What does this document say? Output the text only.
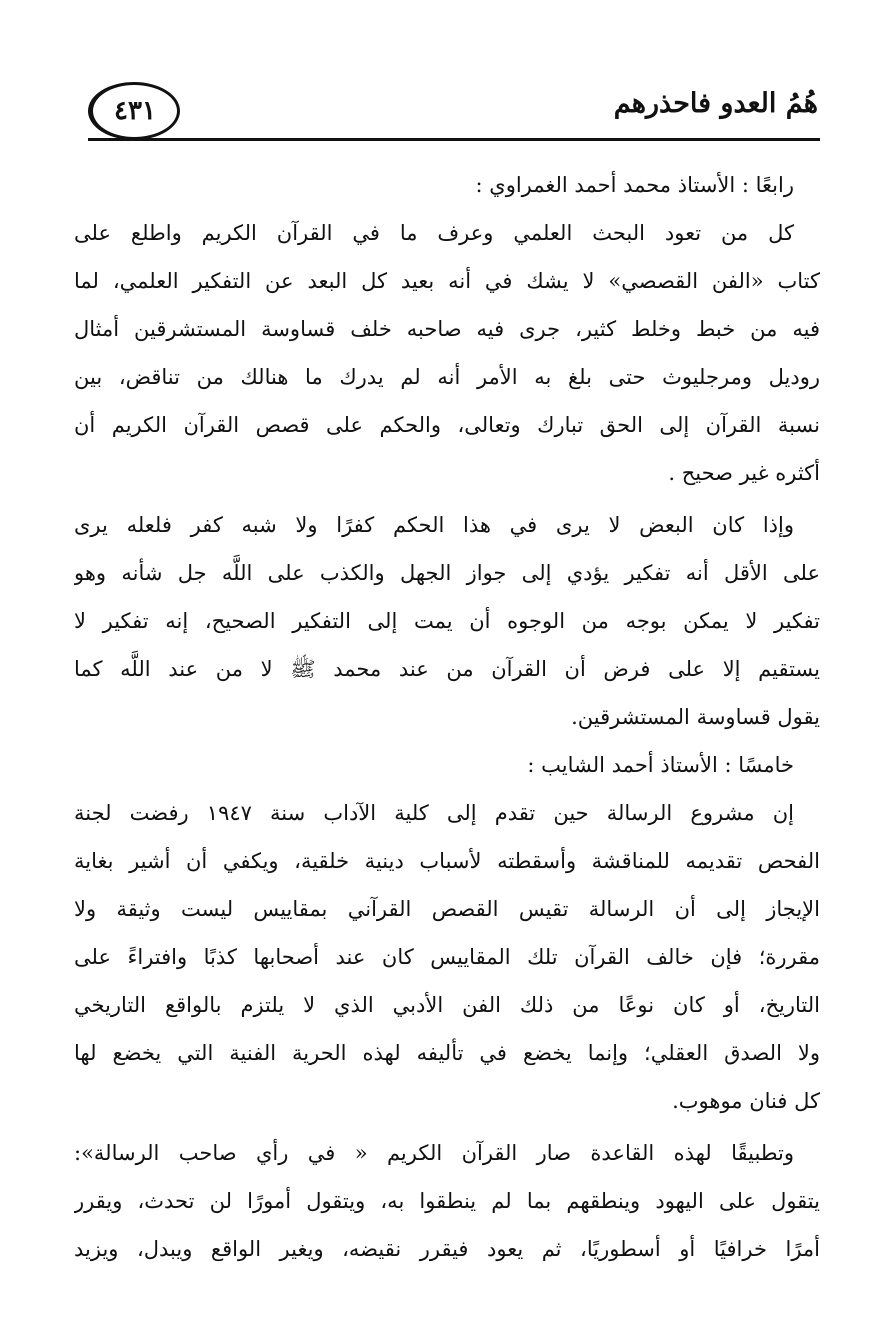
٤٣١	هُمُ العدو فاحذرهم
رابعًا : الأستاذ محمد أحمد الغمراوي :
كل من تعود البحث العلمي وعرف ما في القرآن الكريم واطلع على
كتاب «الفن القصصي» لا يشك في أنه بعيد كل البعد عن التفكير العلمي، لما
فيه من خبط وخلط كثير، جرى فيه صاحبه خلف قساوسة المستشرقين أمثال
روديل ومرجليوث حتى بلغ به الأمر أنه لم يدرك ما هنالك من تناقض، بين
نسبة القرآن إلى الحق تبارك وتعالى، والحكم على قصص القرآن الكريم أن
أكثره غير صحيح .
وإذا كان البعض لا يرى في هذا الحكم كفرًا ولا شبه كفر فلعله يرى
على الأقل أنه تفكير يؤدي إلى جواز الجهل والكذب على اللَّه جل شأنه وهو
تفكير لا يمكن بوجه من الوجوه أن يمت إلى التفكير الصحيح، إنه تفكير لا
يستقيم إلا على فرض أن القرآن من عند محمد ﷺ لا من عند اللَّه كما
يقول قساوسة المستشرقين.
خامسًا : الأستاذ أحمد الشايب :
إن مشروع الرسالة حين تقدم إلى كلية الآداب سنة ١٩٤٧ رفضت لجنة
الفحص تقديمه للمناقشة وأسقطته لأسباب دينية خلقية، ويكفي أن أشير بغاية
الإيجاز إلى أن الرسالة تقيس القصص القرآني بمقاييس ليست وثيقة ولا
مقررة؛ فإن خالف القرآن تلك المقاييس كان عند أصحابها كذبًا وافتراءً على
التاريخ، أو كان نوعًا من ذلك الفن الأدبي الذي لا يلتزم بالواقع التاريخي
ولا الصدق العقلي؛ وإنما يخضع في تأليفه لهذه الحرية الفنية التي يخضع لها
كل فنان موهوب.
وتطبيقًا لهذه القاعدة صار القرآن الكريم « في رأي صاحب الرسالة»:
يتقول على اليهود وينطقهم بما لم ينطقوا به، ويتقول أمورًا لن تحدث، ويقرر
أمرًا خرافيًا أو أسطوريًا، ثم يعود فيقرر نقيضه، ويغير الواقع ويبدل، ويزيد
